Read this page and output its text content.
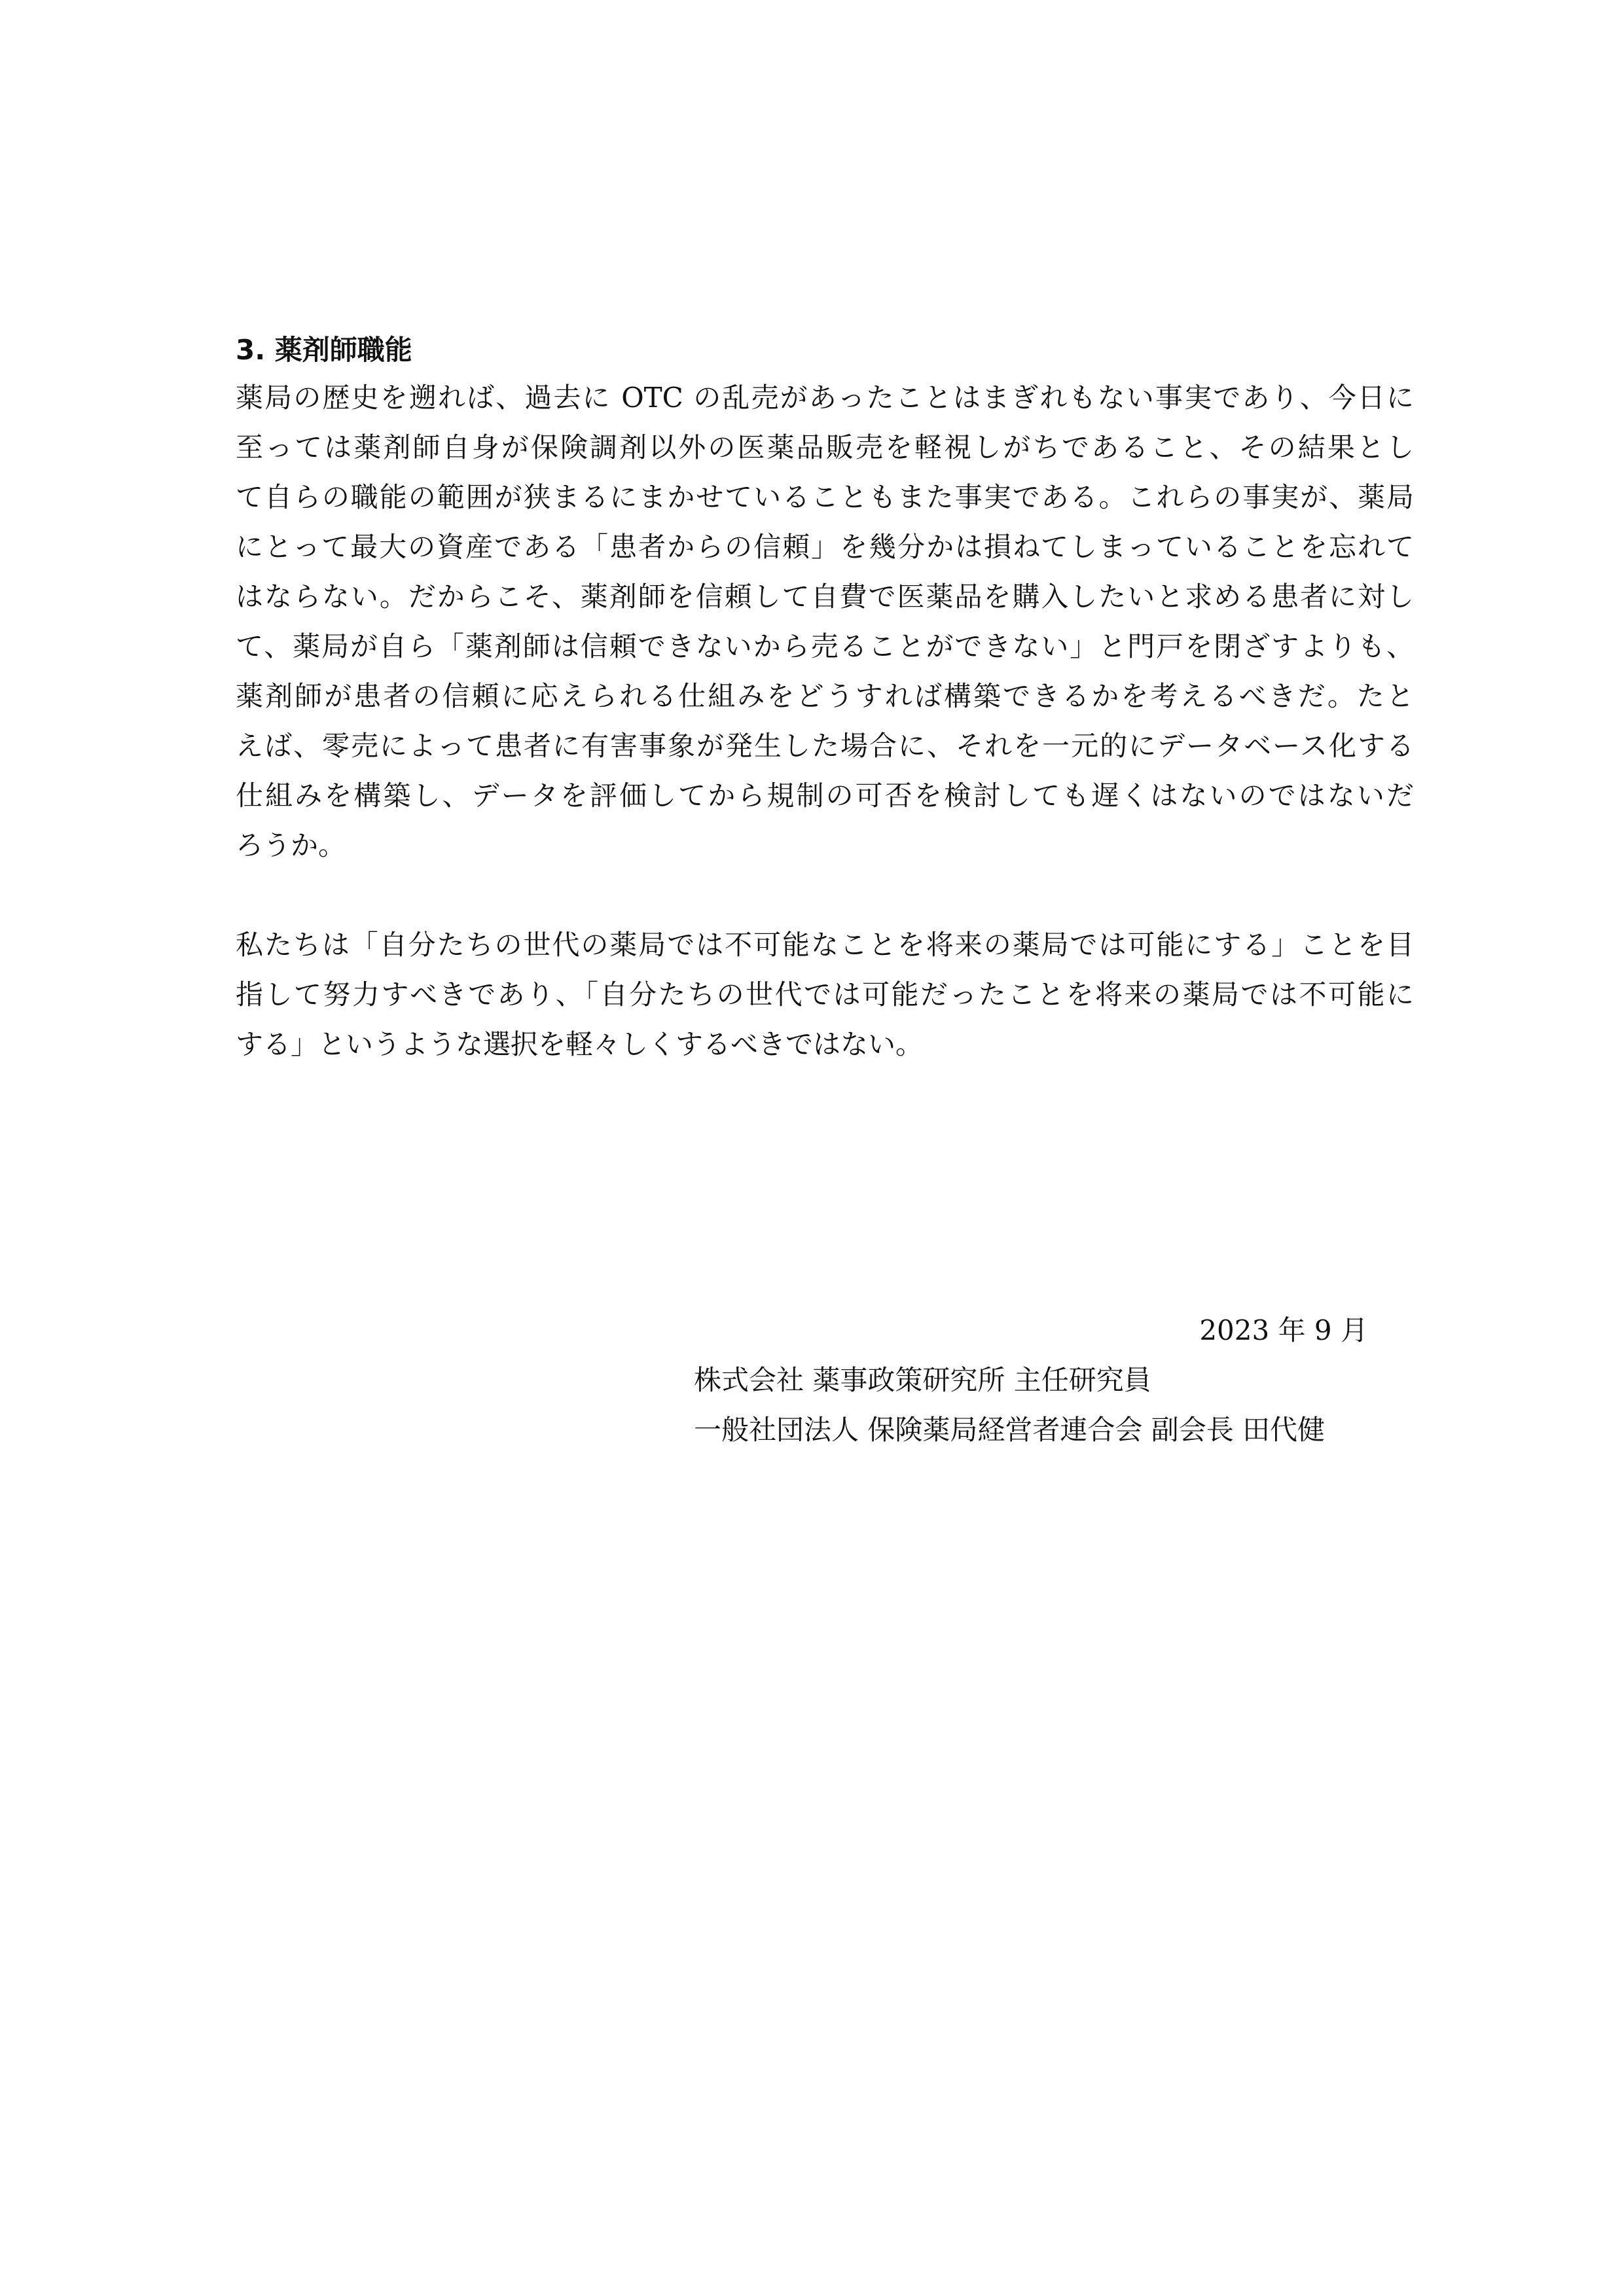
3. 薬剤師職能

薬局の歴史を遡れば、過去に OTC の乱売があったことはまぎれもない事実であり、今日に
至っては薬剤師自身が保険調剤以外の医薬品販売を軽視しがちであること、その結果とし
て自らの職能の範囲が狭まるにまかせていることもまた事実である。これらの事実が、薬局
にとって最大の資産である「患者からの信頼」を幾分かは損ねてしまっていることを忘れて
はならない。だからこそ、薬剤師を信頼して自費で医薬品を購入したいと求める患者に対し
て、薬局が自ら「薬剤師は信頼できないから売ることができない」と門戸を閉ざすよりも、
薬剤師が患者の信頼に応えられる仕組みをどうすれば構築できるかを考えるべきだ。たと
えば、零売によって患者に有害事象が発生した場合に、それを一元的にデータベース化する
仕組みを構築し、データを評価してから規制の可否を検討しても遅くはないのではないだ
ろうか。

私たちは「自分たちの世代の薬局では不可能なことを将来の薬局では可能にする」ことを目
指して努力すべきであり、「自分たちの世代では可能だったことを将来の薬局では不可能に
する」というような選択を軽々しくするべきではない。

2023 年 9 月
株式会社 薬事政策研究所 主任研究員
一般社団法人 保険薬局経営者連合会 副会長 田代健
